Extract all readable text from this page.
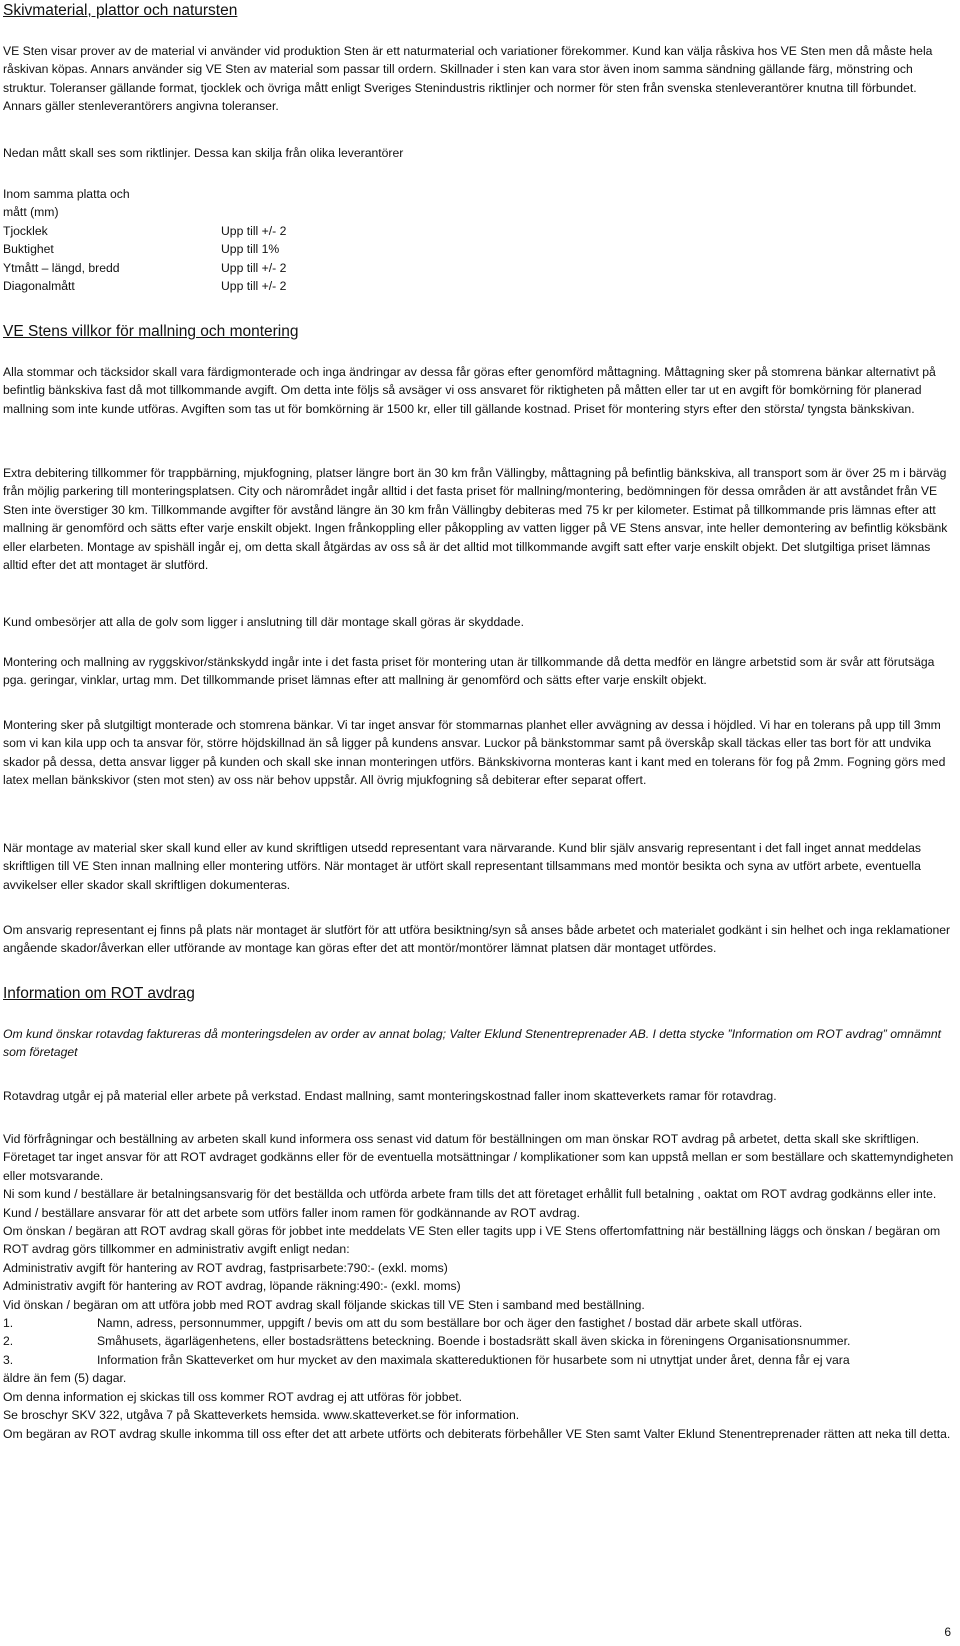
Skivmaterial, plattor och natursten

VE Sten visar prover av de material vi använder vid produktion Sten är ett naturmaterial och variationer förekommer. Kund kan välja råskiva hos VE Sten men då måste hela råskivan köpas. Annars använder sig VE Sten av material som passar till ordern. Skillnader i sten kan vara stor även inom samma sändning gällande färg, mönstring och struktur. Toleranser gällande format, tjocklek och övriga mått enligt Sveriges Stenindustris riktlinjer och normer för sten från svenska stenleverantörer knutna till förbundet. Annars gäller stenleverantörers angivna toleranser.

Nedan mått skall ses som riktlinjer. Dessa kan skilja från olika leverantörer

Inom samma platta och
mått (mm)
Tjocklek	Upp till +/- 2
Buktighet	Upp till 1%
Ytmått – längd, bredd	Upp till +/- 2
Diagonalmått	Upp till +/- 2
VE Stens villkor för mallning och montering

Alla stommar och täcksidor skall vara färdigmonterade och inga ändringar av dessa får göras efter genomförd måttagning. Måttagning sker på stomrena bänkar alternativt på befintlig bänkskiva fast då mot tillkommande avgift. Om detta inte följs så avsäger vi oss ansvaret för riktigheten på måtten eller tar ut en avgift för bomkörning för planerad mallning som inte kunde utföras. Avgiften som tas ut för bomkörning är 1500 kr, eller till gällande kostnad. Priset för montering styrs efter den största/ tyngsta bänkskivan.

Extra debitering tillkommer för trappbärning, mjukfogning, platser längre bort än 30 km från Vällingby, måttagning på befintlig bänkskiva, all transport som är över 25 m i bärväg från möjlig parkering till monteringsplatsen. City och närområdet ingår alltid i det fasta priset för mallning/montering, bedömningen för dessa områden är att avståndet från VE Sten inte överstiger 30 km. Tillkommande avgifter för avstånd längre än 30 km från Vällingby debiteras med 75 kr per kilometer. Estimat på tillkommande pris lämnas efter att mallning är genomförd och sätts efter varje enskilt objekt. Ingen frånkoppling eller påkoppling av vatten ligger på VE Stens ansvar, inte heller demontering av befintlig köksbänk eller elarbeten. Montage av spishäll ingår ej, om detta skall åtgärdas av oss så är det alltid mot tillkommande avgift satt efter varje enskilt objekt. Det slutgiltiga priset lämnas alltid efter det att montaget är slutförd.

Kund ombesörjer att alla de golv som ligger i anslutning till där montage skall göras är skyddade.

Montering och mallning av ryggskivor/stänkskydd ingår inte i det fasta priset för montering utan är tillkommande då detta medför en längre arbetstid som är svår att förutsäga pga. geringar, vinklar, urtag mm. Det tillkommande priset lämnas efter att mallning är genomförd och sätts efter varje enskilt objekt.

Montering sker på slutgiltigt monterade och stomrena bänkar. Vi tar inget ansvar för stommarnas planhet eller avvägning av dessa i höjdled. Vi har en tolerans på upp till 3mm som vi kan kila upp och ta ansvar för, större höjdskillnad än så ligger på kundens ansvar. Luckor på bänkstommar samt på överskåp skall täckas eller tas bort för att undvika skador på dessa, detta ansvar ligger på kunden och skall ske innan monteringen utförs. Bänkskivorna monteras kant i kant med en tolerans för fog på 2mm. Fogning görs med latex mellan bänkskivor (sten mot sten) av oss när behov uppstår. All övrig mjukfogning så debiterar efter separat offert.

När montage av material sker skall kund eller av kund skriftligen utsedd representant vara närvarande. Kund blir själv ansvarig representant i det fall inget annat meddelas skriftligen till VE Sten innan mallning eller montering utförs. När montaget är utfört skall representant tillsammans med montör besikta och syna av utfört arbete, eventuella avvikelser eller skador skall skriftligen dokumenteras.

Om ansvarig representant ej finns på plats när montaget är slutfört för att utföra besiktning/syn så anses både arbetet och materialet godkänt i sin helhet och inga reklamationer angående skador/åverkan eller utförande av montage kan göras efter det att montör/montörer lämnat platsen där montaget utfördes.

Information om ROT avdrag

Om kund önskar rotavdag faktureras då monteringsdelen av order av annat bolag; Valter Eklund Stenentreprenader AB. I detta stycke ”Information om ROT avdrag” omnämnt som företaget

Rotavdrag utgår ej på material eller arbete på verkstad. Endast mallning, samt monteringskostnad faller inom skatteverkets ramar för rotavdrag.

Vid förfrågningar och beställning av arbeten skall kund informera oss senast vid datum för beställningen om man önskar ROT avdrag på arbetet, detta skall ske skriftligen. Företaget tar inget ansvar för att ROT avdraget godkänns eller för de eventuella motsättningar / komplikationer som kan uppstå mellan er som beställare och skattemyndigheten eller motsvarande.
Ni som kund / beställare är betalningsansvarig för det beställda och utförda arbete fram tills det att företaget erhållit full betalning , oaktat om ROT avdrag godkänns eller inte.
Kund / beställare ansvarar för att det arbete som utförs faller inom ramen för godkännande av ROT avdrag.
Om önskan / begäran att ROT avdrag skall göras för jobbet inte meddelats VE Sten eller tagits upp i VE Stens offertomfattning när beställning läggs och önskan / begäran om ROT avdrag görs tillkommer en administrativ avgift enligt nedan:
Administrativ avgift för hantering av ROT avdrag, fastprisarbete:790:- (exkl. moms)
Administrativ avgift för hantering av ROT avdrag, löpande räkning:490:- (exkl. moms)
Vid önskan / begäran om att utföra jobb med ROT avdrag skall följande skickas till VE Sten i samband med beställning.
1.	Namn, adress, personnummer, uppgift / bevis om att du som beställare bor och äger den fastighet / bostad där arbete skall utföras.
2.	Småhusets, ägarlägenhetens, eller bostadsrättens beteckning. Boende i bostadsrätt skall även skicka in föreningens Organisationsnummer.
3.	Information från Skatteverket om hur mycket av den maximala skattereduktionen för husarbete som ni utnyttjat under året, denna får ej vara
äldre än fem (5) dagar.
Om denna information ej skickas till oss kommer ROT avdrag ej att utföras för jobbet.
Se broschyr SKV 322, utgåva 7 på Skatteverkets hemsida. www.skatteverket.se för information.
Om begäran av ROT avdrag skulle inkomma till oss efter det att arbete utförts och debiterats förbehåller VE Sten samt Valter Eklund Stenentreprenader rätten att neka till detta.
6
